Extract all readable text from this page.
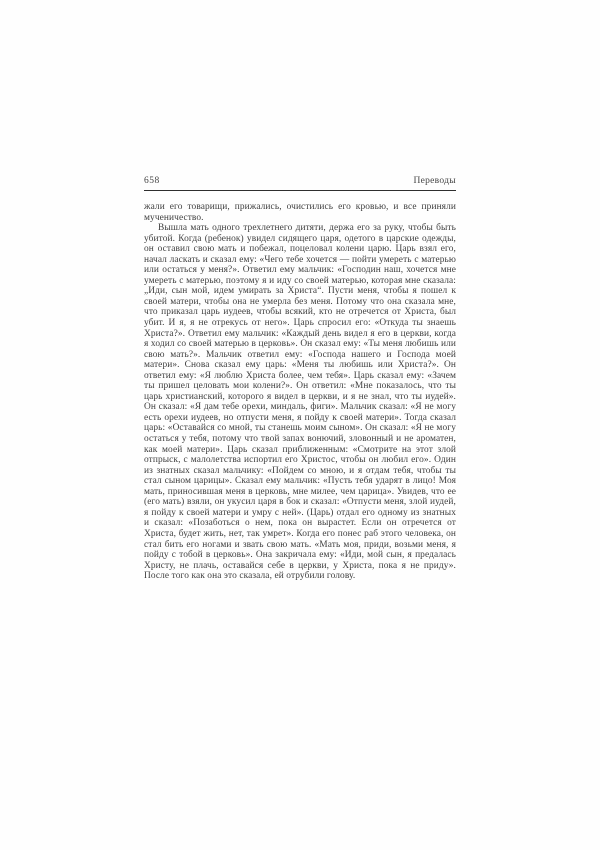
658	Переводы

жали его товарищи, прижались, очистились его кровью, и все приняли мученичество.

Вышла мать одного трехлетнего дитяти, держа его за руку, чтобы быть убитой. Когда (ребенок) увидел сидящего царя, одетого в царские одежды, он оставил свою мать и побежал, поцеловал колени царю. Царь взял его, начал ласкать и сказал ему: «Чего тебе хочется — пойти умереть с матерью или остаться у меня?». Ответил ему мальчик: «Господин наш, хочется мне умереть с матерью, поэтому я и иду со своей матерью, которая мне сказала: „Иди, сын мой, идем умирать за Христа“. Пусти меня, чтобы я пошел к своей матери, чтобы она не умерла без меня. Потому что она сказала мне, что приказал царь иудеев, чтобы всякий, кто не отречется от Христа, был убит. И я, я не отрекусь от него». Царь спросил его: «Откуда ты знаешь Христа?». Ответил ему мальчик: «Каждый день видел я его в церкви, когда я ходил со своей матерью в церковь». Он сказал ему: «Ты меня любишь или свою мать?». Мальчик ответил ему: «Господа нашего и Господа моей матери». Снова сказал ему царь: «Меня ты любишь или Христа?». Он ответил ему: «Я люблю Христа более, чем тебя». Царь сказал ему: «Зачем ты пришел целовать мои колени?». Он ответил: «Мне показалось, что ты царь христианский, которого я видел в церкви, и я не знал, что ты иудей». Он сказал: «Я дам тебе орехи, миндаль, фиги». Мальчик сказал: «Я не могу есть орехи иудеев, но отпусти меня, я пойду к своей матери». Тогда сказал царь: «Оставайся со мной, ты станешь моим сыном». Он сказал: «Я не могу остаться у тебя, потому что твой запах вонючий, зловонный и не ароматен, как моей матери». Царь сказал приближенным: «Смотрите на этот злой отпрыск, с малолетства испортил его Христос, чтобы он любил его». Один из знатных сказал мальчику: «Пойдем со мною, и я отдам тебя, чтобы ты стал сыном царицы». Сказал ему мальчик: «Пусть тебя ударят в лицо! Моя мать, приносившая меня в церковь, мне милее, чем царица». Увидев, что ее (его мать) взяли, он укусил царя в бок и сказал: «Отпусти меня, злой иудей, я пойду к своей матери и умру с ней». (Царь) отдал его одному из знатных и сказал: «Позаботься о нем, пока он вырастет. Если он отречется от Христа, будет жить, нет, так умрет». Когда его понес раб этого человека, он стал бить его ногами и звать свою мать. «Мать моя, приди, возьми меня, я пойду с тобой в церковь». Она закричала ему: «Иди, мой сын, я предалась Христу, не плачь, оставайся себе в церкви, у Христа, пока я не приду». После того как она это сказала, ей отрубили голову.
